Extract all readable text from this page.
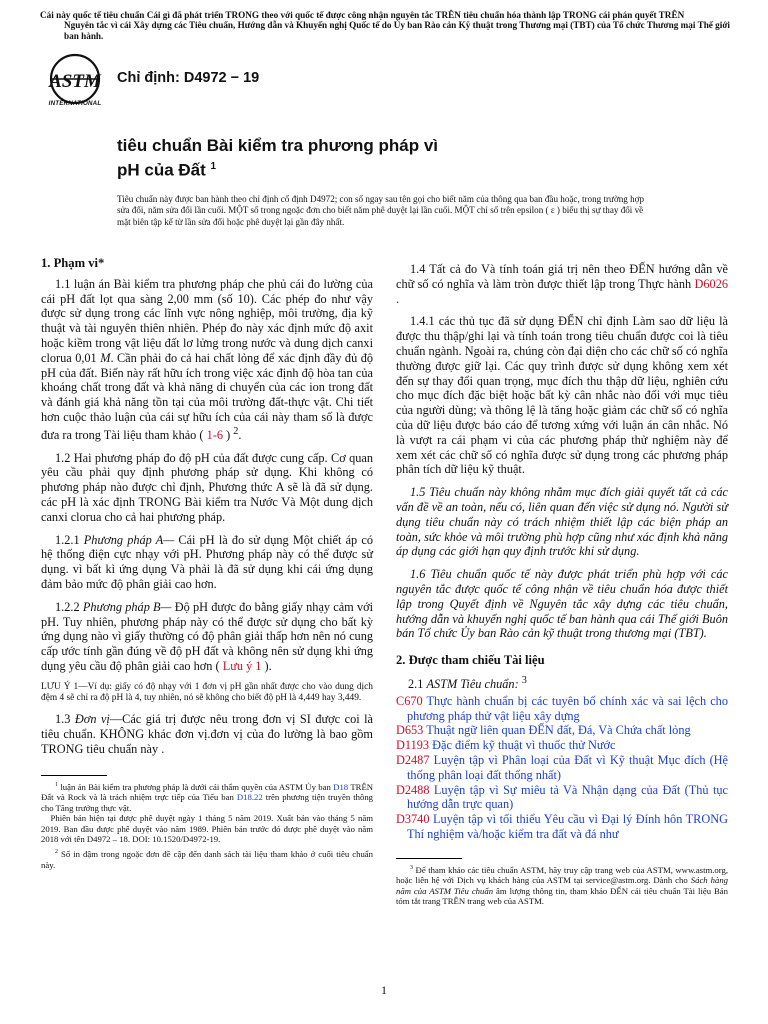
Cái này quốc tế tiêu chuẩn Cái gì đã phát triển TRONG theo với quốc tế được công nhận nguyên tắc TRÊN tiêu chuẩn hóa thành lập TRONG cái phán quyết TRÊN
Nguyên tắc vì cái Xây dựng các Tiêu chuẩn, Hướng dẫn và Khuyến nghị Quốc tế do Ủy ban Rào cản Kỹ thuật trong Thương mại (TBT) của Tổ chức Thương mại Thế giới ban hành.
ASTM
INTERNATIONAL
Chỉ định: D4972 − 19
tiêu chuẩn Bài kiểm tra phương pháp vì
pH của Đất $^1$
Tiêu chuẩn này được ban hành theo chỉ định cố định D4972; con số ngay sau tên gọi cho biết năm của thông qua ban đầu hoặc, trong trường hợp sửa đổi, năm sửa đổi lần cuối. MỘT số trong ngoặc đơn cho biết năm phê duyệt lại lần cuối. MỘT chỉ số trên epsilon ( ε ) biểu thị sự thay đổi về mặt biên tập kể từ lần sửa đổi hoặc phê duyệt lại gần đây nhất.
1. Phạm vi*

1.1 luận án Bài kiểm tra phương pháp che phủ cái đo lường của cái pH đất lọt qua sàng 2,00 mm (số 10). Các phép đo như vậy được sử dụng trong các lĩnh vực nông nghiệp, môi trường, địa kỹ thuật và tài nguyên thiên nhiên. Phép đo này xác định mức độ axit hoặc kiềm trong vật liệu đất lơ lửng trong nước và dung dịch canxi clorua 0,01 M. Cần phải đo cả hai chất lỏng để xác định đầy đủ độ pH của đất. Biến này rất hữu ích trong việc xác định độ hòa tan của khoáng chất trong đất và khả năng di chuyển của các ion trong đất và đánh giá khả năng tồn tại của môi trường đất-thực vật. Chi tiết hơn cuộc thảo luận của cái sự hữu ích của cái này tham số là được đưa ra trong Tài liệu tham khảo ( 1-6 ) $^2$.

1.2 Hai phương pháp đo độ pH của đất được cung cấp. Cơ quan yêu cầu phải quy định phương pháp sử dụng. Khi không có phương pháp nào được chỉ định, Phương thức A sẽ là đã sử dụng. các pH là xác định TRONG Bài kiểm tra Nước Và Một dung dịch canxi clorua cho cả hai phương pháp.

1.2.1 Phương pháp A— Cái pH là đo sử dụng Một chiết áp có hệ thống điện cực nhạy với pH. Phương pháp này có thể được sử dụng. vì bất kì ứng dụng Và phải là đã sử dụng khi cái ứng dụng đảm bảo mức độ phân giải cao hơn.

1.2.2 Phương pháp B— Độ pH được đo bằng giấy nhạy cảm với pH. Tuy nhiên, phương pháp này có thể được sử dụng cho bất kỳ ứng dụng nào vì giấy thường có độ phân giải thấp hơn nên nó cung cấp ước tính gần đúng về độ pH đất và không nên sử dụng khi ứng dụng yêu cầu độ phân giải cao hơn ( Lưu ý 1 ).

LƯU Ý 1—Ví dụ: giấy có độ nhạy với 1 đơn vị pH gần nhất được cho vào dung dịch đệm 4 sẽ chỉ ra độ pH là 4, tuy nhiên, nó sẽ không cho biết độ pH là 4,449 hay 3,449.

1.3 Đơn vị—Các giá trị được nêu trong đơn vị SI được coi là tiêu chuẩn. KHÔNG khác đơn vị.đơn vị của đo lường là bao gồm TRONG tiêu chuẩn này .

$^1$ luận án Bài kiểm tra phương pháp là dưới cái thẩm quyền của ASTM Ủy ban D18 TRÊN Đất và Rock và là trách nhiệm trực tiếp của Tiểu ban D18.22 trên phương tiện truyền thông cho Tăng trưởng thực vật.
Phiên bản hiện tại được phê duyệt ngày 1 tháng 5 năm 2019. Xuất bản vào tháng 5 năm 2019. Ban đầu được phê duyệt vào năm 1989. Phiên bản trước đó được phê duyệt vào năm 2018 với tên D4972 – 18. DOI: 10.1520/D4972-19.

$^2$ Số in đậm trong ngoặc đơn đề cập đến danh sách tài liệu tham khảo ở cuối tiêu chuẩn này.

1.4 Tất cả đo Và tính toán giá trị nên theo ĐẾN hướng dẫn về chữ số có nghĩa và làm tròn được thiết lập trong Thực hành D6026 .

1.4.1 các thủ tục đã sử dụng ĐẾN chỉ định Làm sao dữ liệu là được thu thập/ghi lại và tính toán trong tiêu chuẩn được coi là tiêu chuẩn ngành. Ngoài ra, chúng còn đại diện cho các chữ số có nghĩa thường được giữ lại. Các quy trình được sử dụng không xem xét đến sự thay đổi quan trọng, mục đích thu thập dữ liệu, nghiên cứu cho mục đích đặc biệt hoặc bất kỳ cân nhắc nào đối với mục tiêu của người dùng; và thông lệ là tăng hoặc giảm các chữ số có nghĩa của dữ liệu được báo cáo để tương xứng với luận án cân nhắc. Nó là vượt ra cái phạm vi của các phương pháp thử nghiệm này để xem xét các chữ số có nghĩa được sử dụng trong các phương pháp phân tích dữ liệu kỹ thuật.

1.5 Tiêu chuẩn này không nhằm mục đích giải quyết tất cả các vấn đề về an toàn, nếu có, liên quan đến việc sử dụng nó. Người sử dụng tiêu chuẩn này có trách nhiệm thiết lập các biện pháp an toàn, sức khỏe và môi trường phù hợp cũng như xác định khả năng áp dụng các giới hạn quy định trước khi sử dụng.

1.6 Tiêu chuẩn quốc tế này được phát triển phù hợp với các nguyên tắc được quốc tế công nhận về tiêu chuẩn hóa được thiết lập trong Quyết định về Nguyên tắc xây dựng các tiêu chuẩn, hướng dẫn và khuyến nghị quốc tế ban hành qua cái Thế giới Buôn bán Tổ chức Ủy ban Rào cản kỹ thuật trong thương mại (TBT).

2. Được tham chiếu Tài liệu
2.1 ASTM Tiêu chuẩn: $^3$
C670 Thực hành chuẩn bị các tuyên bố chính xác và sai lệch cho phương pháp thử vật liệu xây dựng
D653 Thuật ngữ liên quan ĐẾN đất, Đá, Và Chứa chất lỏng
D1193 Đặc điểm kỹ thuật vì thuốc thử Nước
D2487 Luyện tập vì Phân loại của Đất vì Kỹ thuật Mục đích (Hệ thống phân loại đất thống nhất)
D2488 Luyện tập vì Sự miêu tả Và Nhận dạng của Đất (Thủ tục hướng dẫn trực quan)
D3740 Luyện tập vì tối thiểu Yêu cầu vì Đại lý Đính hôn TRONG Thí nghiệm và/hoặc kiểm tra đất và đá như

$^3$ Để tham khảo các tiêu chuẩn ASTM, hãy truy cập trang web của ASTM, www.astm.org, hoặc liên hệ với Dịch vụ khách hàng của ASTM tại service@astm.org. Dành cho Sách hàng năm của ASTM Tiêu chuẩn âm lượng thông tin, tham khảo ĐẾN cái tiêu chuẩn Tài liệu Bản tóm tắt trang TRÊN trang web của ASTM.

1
